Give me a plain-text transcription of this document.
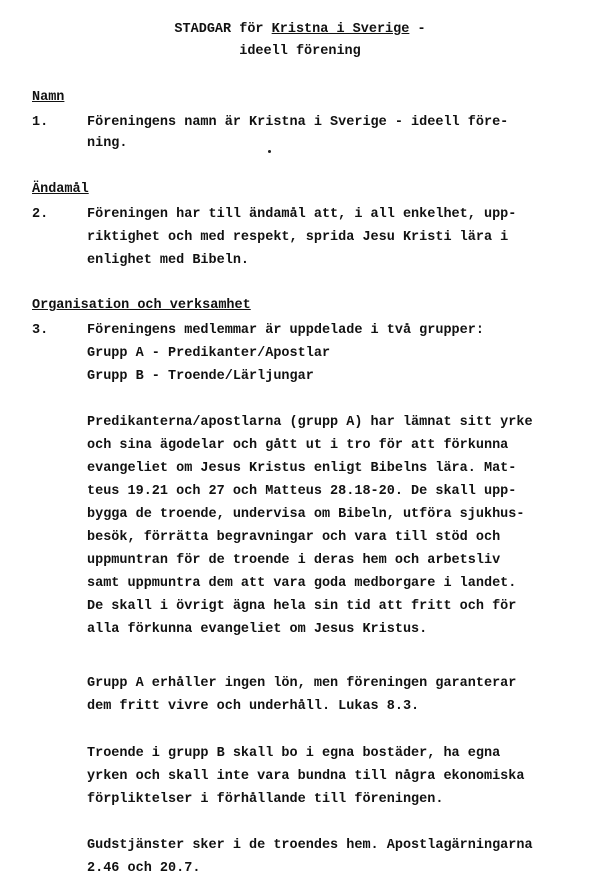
STADGAR för Kristna i Sverige -
ideell förening
Namn
1.	Föreningens namn är Kristna i Sverige - ideell före-
ning.
Ändamål
2.	Föreningen har till ändamål att, i all enkelhet, upp-
riktighet och med respekt, sprida Jesu Kristi lära i
enlighet med Bibeln.
Organisation och verksamhet
3.	Föreningens medlemmar är uppdelade i två grupper:
Grupp A - Predikanter/Apostlar
Grupp B - Troende/Lärljungar
Predikanterna/apostlarna (grupp A) har lämnat sitt yrke
och sina ägodelar och gått ut i tro för att förkunna
evangeliet om Jesus Kristus enligt Bibelns lära. Mat-
teus 19.21 och 27 och Matteus 28.18-20. De skall upp-
bygga de troende, undervisa om Bibeln, utföra sjukhus-
besök, förrätta begravningar och vara till stöd och
uppmuntran för de troende i deras hem och arbetsliv
samt uppmuntra dem att vara goda medborgare i landet.
De skall i övrigt ägna hela sin tid att fritt och för
alla förkunna evangeliet om Jesus Kristus.
Grupp A erhåller ingen lön, men föreningen garanterar
dem fritt vivre och underhåll. Lukas 8.3.
Troende i grupp B skall bo i egna bostäder, ha egna
yrken och skall inte vara bundna till några ekonomiska
förpliktelser i förhållande till föreningen.
Gudstjänster sker i de troendes hem. Apostlagärningarna
2.46 och 20.7.
